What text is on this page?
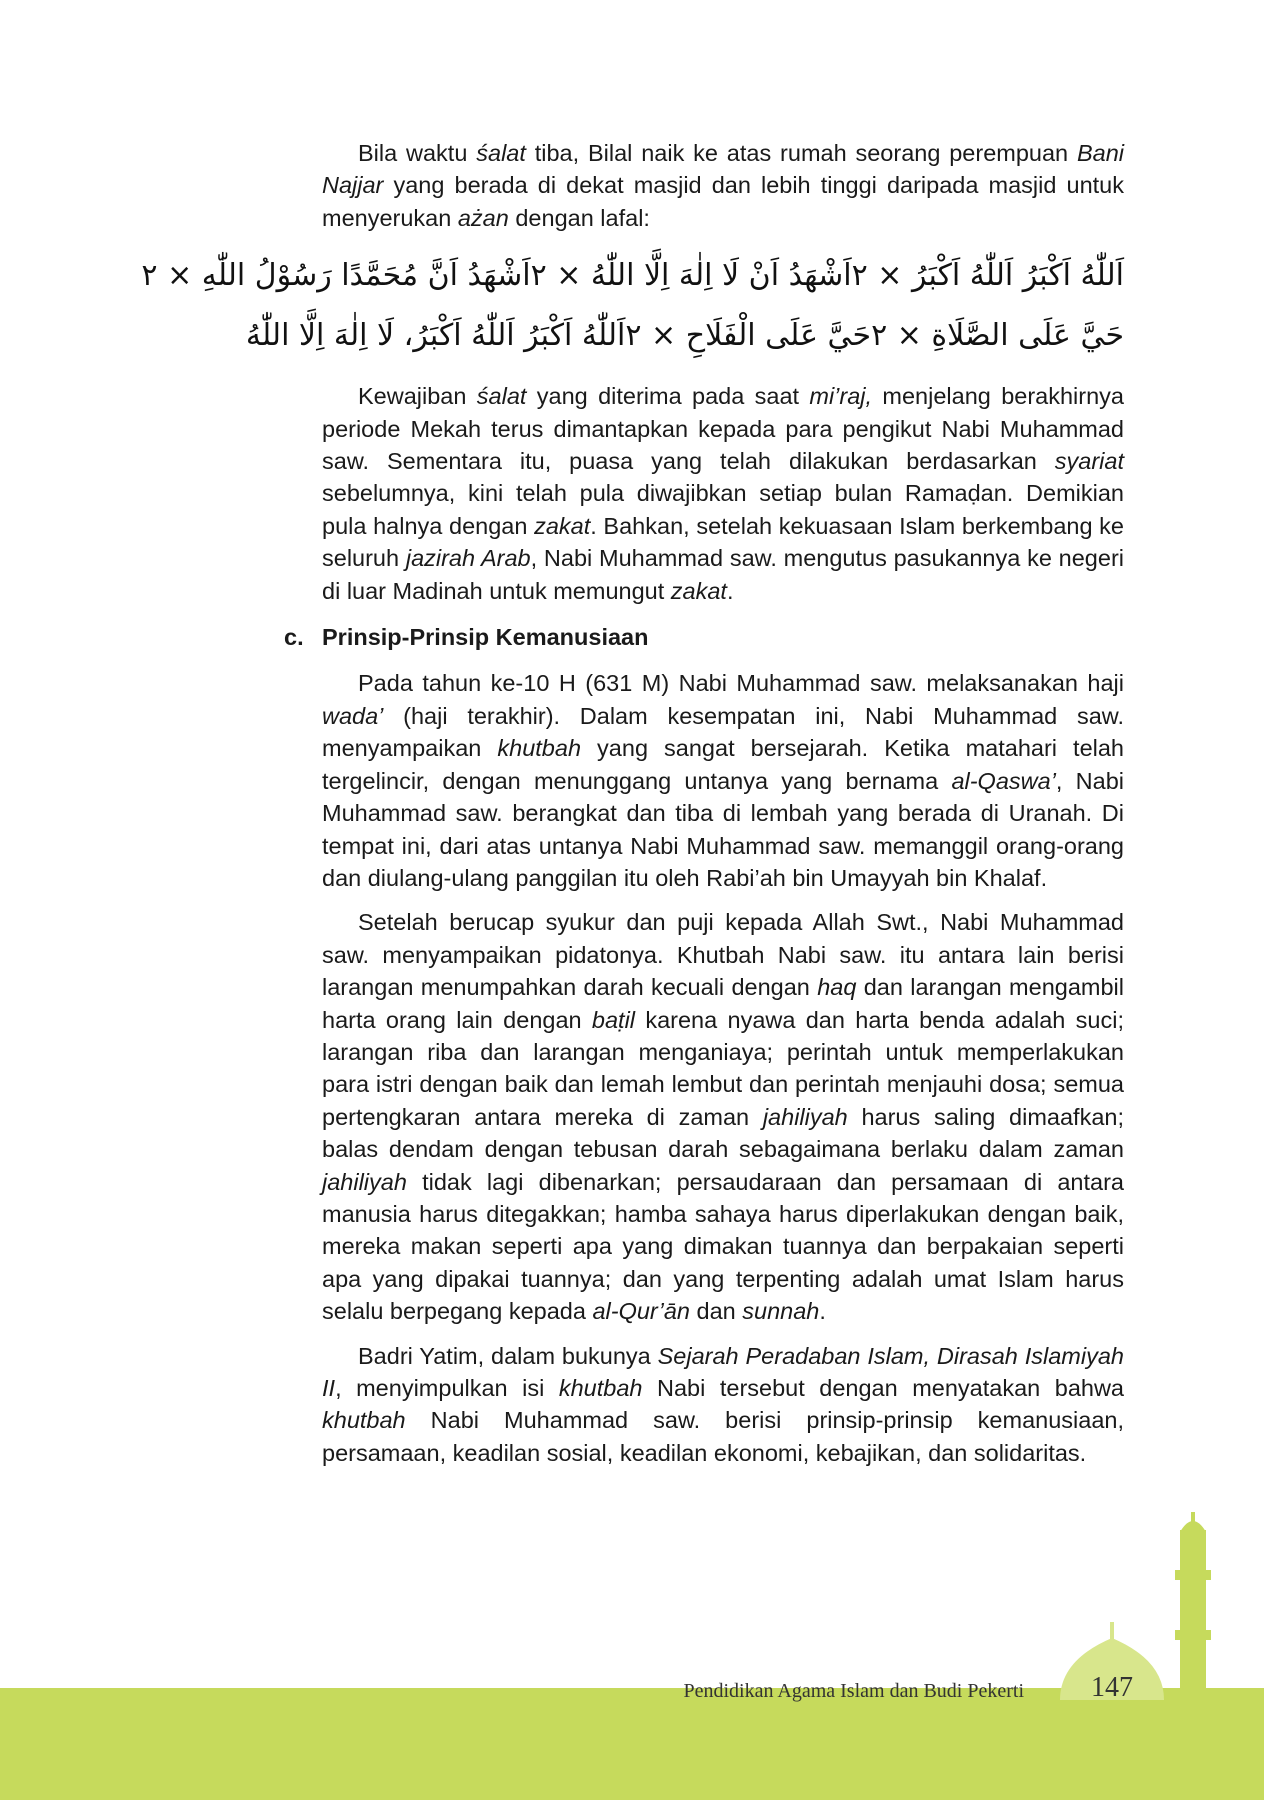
Bila waktu śalat tiba, Bilal naik ke atas rumah seorang perempuan Bani Najjar yang berada di dekat masjid dan lebih tinggi daripada masjid untuk menyerukan ażan dengan lafal:

اَللّٰهُ اَكْبَرُ اَللّٰهُ اَكْبَرُ × ٢
اَشْهَدُ اَنْ لَا اِلٰهَ اِلَّا اللّٰهُ × ٢
اَشْهَدُ اَنَّ مُحَمَّدًا رَسُوْلُ اللّٰهِ × ٢
حَيَّ عَلَى الصَّلَاةِ × ٢
حَيَّ عَلَى الْفَلَاحِ × ٢
اَللّٰهُ اَكْبَرُ اَللّٰهُ اَكْبَرُ، لَا اِلٰهَ اِلَّا اللّٰهُ

Kewajiban śalat yang diterima pada saat mi’raj, menjelang berakhirnya periode Mekah terus dimantapkan kepada para pengikut Nabi Muhammad saw. Sementara itu, puasa yang telah dilakukan berdasarkan syariat sebelumnya, kini telah pula diwajibkan setiap bulan Ramaḍan. Demikian pula halnya dengan zakat. Bahkan, setelah kekuasaan Islam berkembang ke seluruh jazirah Arab, Nabi Muhammad saw. mengutus pasukannya ke negeri di luar Madinah untuk memungut zakat.

c. Prinsip-Prinsip Kemanusiaan

Pada tahun ke-10 H (631 M) Nabi Muhammad saw. melaksanakan haji wada’ (haji terakhir). Dalam kesempatan ini, Nabi Muhammad saw. menyampaikan khutbah yang sangat bersejarah. Ketika matahari telah tergelincir, dengan menunggang untanya yang bernama al-Qaswa’, Nabi Muhammad saw. berangkat dan tiba di lembah yang berada di Uranah. Di tempat ini, dari atas untanya Nabi Muhammad saw. memanggil orang-orang dan diulang-ulang panggilan itu oleh Rabi’ah bin Umayyah bin Khalaf.

Setelah berucap syukur dan puji kepada Allah Swt., Nabi Muhammad saw. menyampaikan pidatonya. Khutbah Nabi saw. itu antara lain berisi larangan menumpahkan darah kecuali dengan haq dan larangan mengambil harta orang lain dengan baṭil karena nyawa dan harta benda adalah suci; larangan riba dan larangan menganiaya; perintah untuk memperlakukan para istri dengan baik dan lemah lembut dan perintah menjauhi dosa; semua pertengkaran antara mereka di zaman jahiliyah harus saling dimaafkan; balas dendam dengan tebusan darah sebagaimana berlaku dalam zaman jahiliyah tidak lagi dibenarkan; persaudaraan dan persamaan di antara manusia harus ditegakkan; hamba sahaya harus diperlakukan dengan baik, mereka makan seperti apa yang dimakan tuannya dan berpakaian seperti apa yang dipakai tuannya; dan yang terpenting adalah umat Islam harus selalu berpegang kepada al-Qur’ān dan sunnah.

Badri Yatim, dalam bukunya Sejarah Peradaban Islam, Dirasah Islamiyah II, menyimpulkan isi khutbah Nabi tersebut dengan menyatakan bahwa khutbah Nabi Muhammad saw. berisi prinsip-prinsip kemanusiaan, persamaan, keadilan sosial, keadilan ekonomi, kebajikan, dan solidaritas.

Pendidikan Agama Islam dan Budi Pekerti	147
